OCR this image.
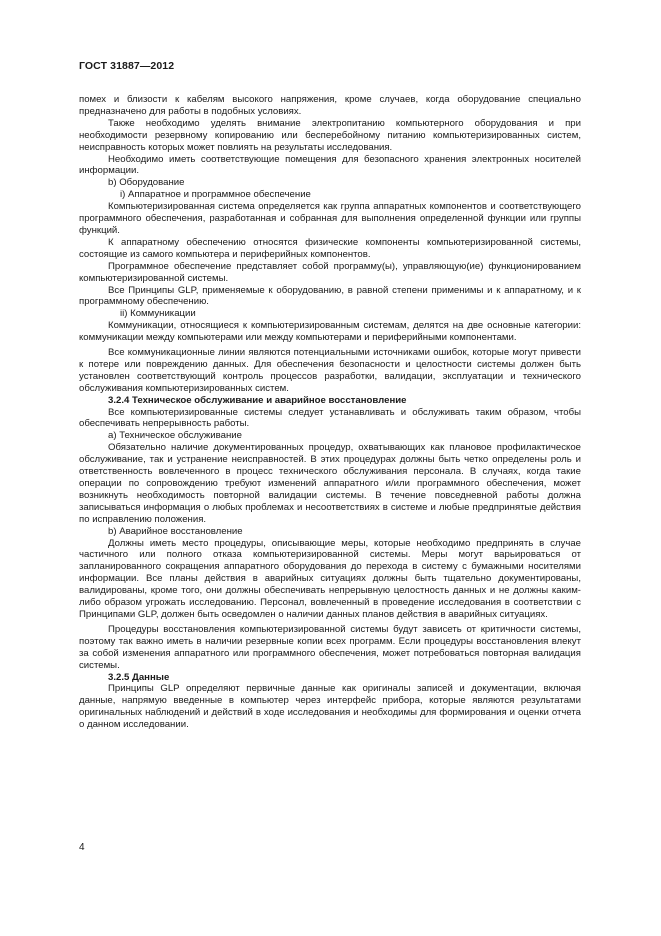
ГОСТ 31887—2012

помех и близости к кабелям высокого напряжения, кроме случаев, когда оборудование специально предназначено для работы в подобных условиях.

Также необходимо уделять внимание электропитанию компьютерного оборудования и при необходимости резервному копированию или бесперебойному питанию компьютеризированных систем, неисправность которых может повлиять на результаты исследования.

Необходимо иметь соответствующие помещения для безопасного хранения электронных носителей информации.

b) Оборудование

i) Аппаратное и программное обеспечение

Компьютеризированная система определяется как группа аппаратных компонентов и соответствующего программного обеспечения, разработанная и собранная для выполнения определенной функции или группы функций.

К аппаратному обеспечению относятся физические компоненты компьютеризированной системы, состоящие из самого компьютера и периферийных компонентов.

Программное обеспечение представляет собой программу(ы), управляющую(ие) функционированием компьютеризированной системы.

Все Принципы GLP, применяемые к оборудованию, в равной степени применимы и к аппаратному, и к программному обеспечению.

ii) Коммуникации

Коммуникации, относящиеся к компьютеризированным системам, делятся на две основные категории: коммуникации между компьютерами или между компьютерами и периферийными компонентами.

Все коммуникационные линии являются потенциальными источниками ошибок, которые могут привести к потере или повреждению данных. Для обеспечения безопасности и целостности системы должен быть установлен соответствующий контроль процессов разработки, валидации, эксплуатации и технического обслуживания компьютеризированных систем.

3.2.4 Техническое обслуживание и аварийное восстановление

Все компьютеризированные системы следует устанавливать и обслуживать таким образом, чтобы обеспечивать непрерывность работы.

a) Техническое обслуживание

Обязательно наличие документированных процедур, охватывающих как плановое профилактическое обслуживание, так и устранение неисправностей. В этих процедурах должны быть четко определены роль и ответственность вовлеченного в процесс технического обслуживания персонала. В случаях, когда такие операции по сопровождению требуют изменений аппаратного и/или программного обеспечения, может возникнуть необходимость повторной валидации системы. В течение повседневной работы должна записываться информация о любых проблемах и несоответствиях в системе и любые предпринятые действия по исправлению положения.

b) Аварийное восстановление

Должны иметь место процедуры, описывающие меры, которые необходимо предпринять в случае частичного или полного отказа компьютеризированной системы. Меры могут варьироваться от запланированного сокращения аппаратного оборудования до перехода в систему с бумажными носителями информации. Все планы действия в аварийных ситуациях должны быть тщательно документированы, валидированы, кроме того, они должны обеспечивать непрерывную целостность данных и не должны каким-либо образом угрожать исследованию. Персонал, вовлеченный в проведение исследования в соответствии с Принципами GLP, должен быть осведомлен о наличии данных планов действия в аварийных ситуациях.

Процедуры восстановления компьютеризированной системы будут зависеть от критичности системы, поэтому так важно иметь в наличии резервные копии всех программ. Если процедуры восстановления влекут за собой изменения аппаратного или программного обеспечения, может потребоваться повторная валидация системы.

3.2.5 Данные

Принципы GLP определяют первичные данные как оригиналы записей и документации, включая данные, напрямую введенные в компьютер через интерфейс прибора, которые являются результатами оригинальных наблюдений и действий в ходе исследования и необходимы для формирования и оценки отчета о данном исследовании.

4
